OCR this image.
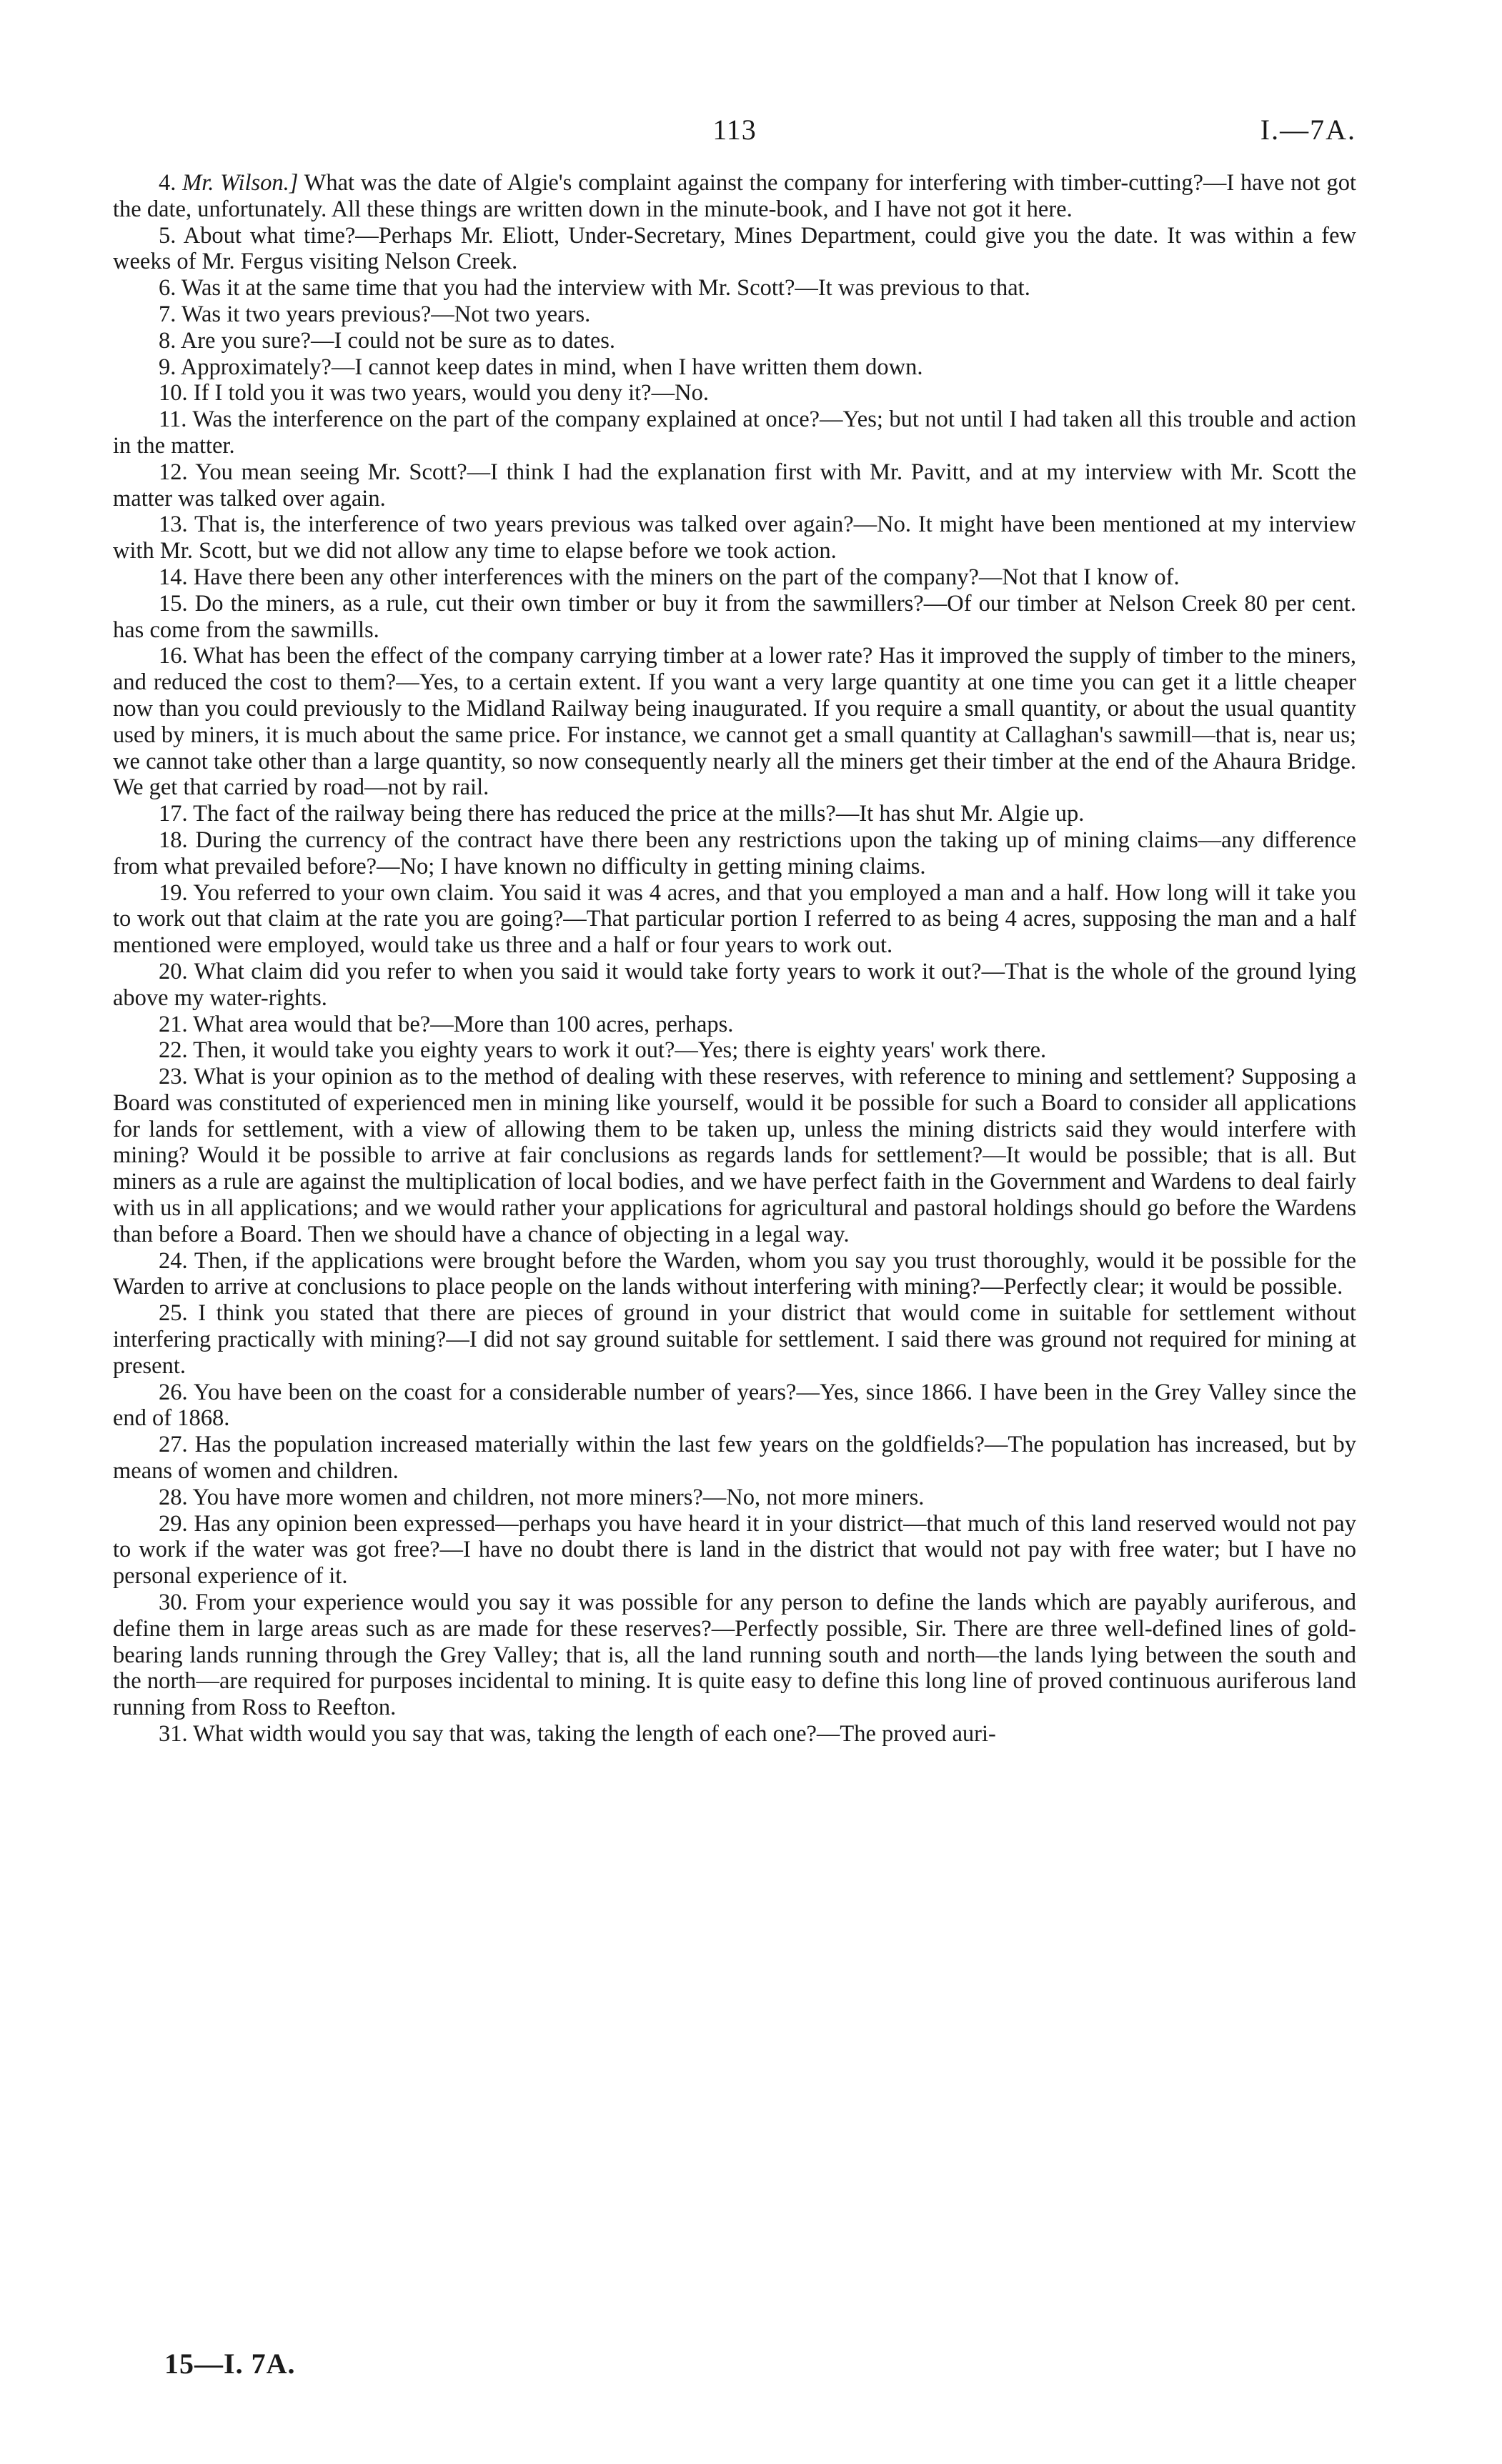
113	I.—7A.

4. Mr. Wilson.] What was the date of Algie's complaint against the company for interfering with timber-cutting?—I have not got the date, unfortunately. All these things are written down in the minute-book, and I have not got it here.

5. About what time?—Perhaps Mr. Eliott, Under-Secretary, Mines Department, could give you the date. It was within a few weeks of Mr. Fergus visiting Nelson Creek.

6. Was it at the same time that you had the interview with Mr. Scott?—It was previous to that.

7. Was it two years previous?—Not two years.

8. Are you sure?—I could not be sure as to dates.

9. Approximately?—I cannot keep dates in mind, when I have written them down.

10. If I told you it was two years, would you deny it?—No.

11. Was the interference on the part of the company explained at once?—Yes; but not until I had taken all this trouble and action in the matter.

12. You mean seeing Mr. Scott?—I think I had the explanation first with Mr. Pavitt, and at my interview with Mr. Scott the matter was talked over again.

13. That is, the interference of two years previous was talked over again?—No. It might have been mentioned at my interview with Mr. Scott, but we did not allow any time to elapse before we took action.

14. Have there been any other interferences with the miners on the part of the company?—Not that I know of.

15. Do the miners, as a rule, cut their own timber or buy it from the sawmillers?—Of our timber at Nelson Creek 80 per cent. has come from the sawmills.

16. What has been the effect of the company carrying timber at a lower rate? Has it improved the supply of timber to the miners, and reduced the cost to them?—Yes, to a certain extent. If you want a very large quantity at one time you can get it a little cheaper now than you could previously to the Midland Railway being inaugurated. If you require a small quantity, or about the usual quantity used by miners, it is much about the same price. For instance, we cannot get a small quantity at Callaghan's sawmill—that is, near us; we cannot take other than a large quantity, so now consequently nearly all the miners get their timber at the end of the Ahaura Bridge. We get that carried by road—not by rail.

17. The fact of the railway being there has reduced the price at the mills?—It has shut Mr. Algie up.

18. During the currency of the contract have there been any restrictions upon the taking up of mining claims—any difference from what prevailed before?—No; I have known no difficulty in getting mining claims.

19. You referred to your own claim. You said it was 4 acres, and that you employed a man and a half. How long will it take you to work out that claim at the rate you are going?—That particular portion I referred to as being 4 acres, supposing the man and a half mentioned were employed, would take us three and a half or four years to work out.

20. What claim did you refer to when you said it would take forty years to work it out?—That is the whole of the ground lying above my water-rights.

21. What area would that be?—More than 100 acres, perhaps.

22. Then, it would take you eighty years to work it out?—Yes; there is eighty years' work there.

23. What is your opinion as to the method of dealing with these reserves, with reference to mining and settlement? Supposing a Board was constituted of experienced men in mining like yourself, would it be possible for such a Board to consider all applications for lands for settlement, with a view of allowing them to be taken up, unless the mining districts said they would interfere with mining? Would it be possible to arrive at fair conclusions as regards lands for settlement?—It would be possible; that is all. But miners as a rule are against the multiplication of local bodies, and we have perfect faith in the Government and Wardens to deal fairly with us in all applications; and we would rather your applications for agricultural and pastoral holdings should go before the Wardens than before a Board. Then we should have a chance of objecting in a legal way.

24. Then, if the applications were brought before the Warden, whom you say you trust thoroughly, would it be possible for the Warden to arrive at conclusions to place people on the lands without interfering with mining?—Perfectly clear; it would be possible.

25. I think you stated that there are pieces of ground in your district that would come in suitable for settlement without interfering practically with mining?—I did not say ground suitable for settlement. I said there was ground not required for mining at present.

26. You have been on the coast for a considerable number of years?—Yes, since 1866. I have been in the Grey Valley since the end of 1868.

27. Has the population increased materially within the last few years on the goldfields?—The population has increased, but by means of women and children.

28. You have more women and children, not more miners?—No, not more miners.

29. Has any opinion been expressed—perhaps you have heard it in your district—that much of this land reserved would not pay to work if the water was got free?—I have no doubt there is land in the district that would not pay with free water; but I have no personal experience of it.

30. From your experience would you say it was possible for any person to define the lands which are payably auriferous, and define them in large areas such as are made for these reserves?—Perfectly possible, Sir. There are three well-defined lines of gold-bearing lands running through the Grey Valley; that is, all the land running south and north—the lands lying between the south and the north—are required for purposes incidental to mining. It is quite easy to define this long line of proved continuous auriferous land running from Ross to Reefton.

31. What width would you say that was, taking the length of each one?—The proved auri-

15—I. 7A.
